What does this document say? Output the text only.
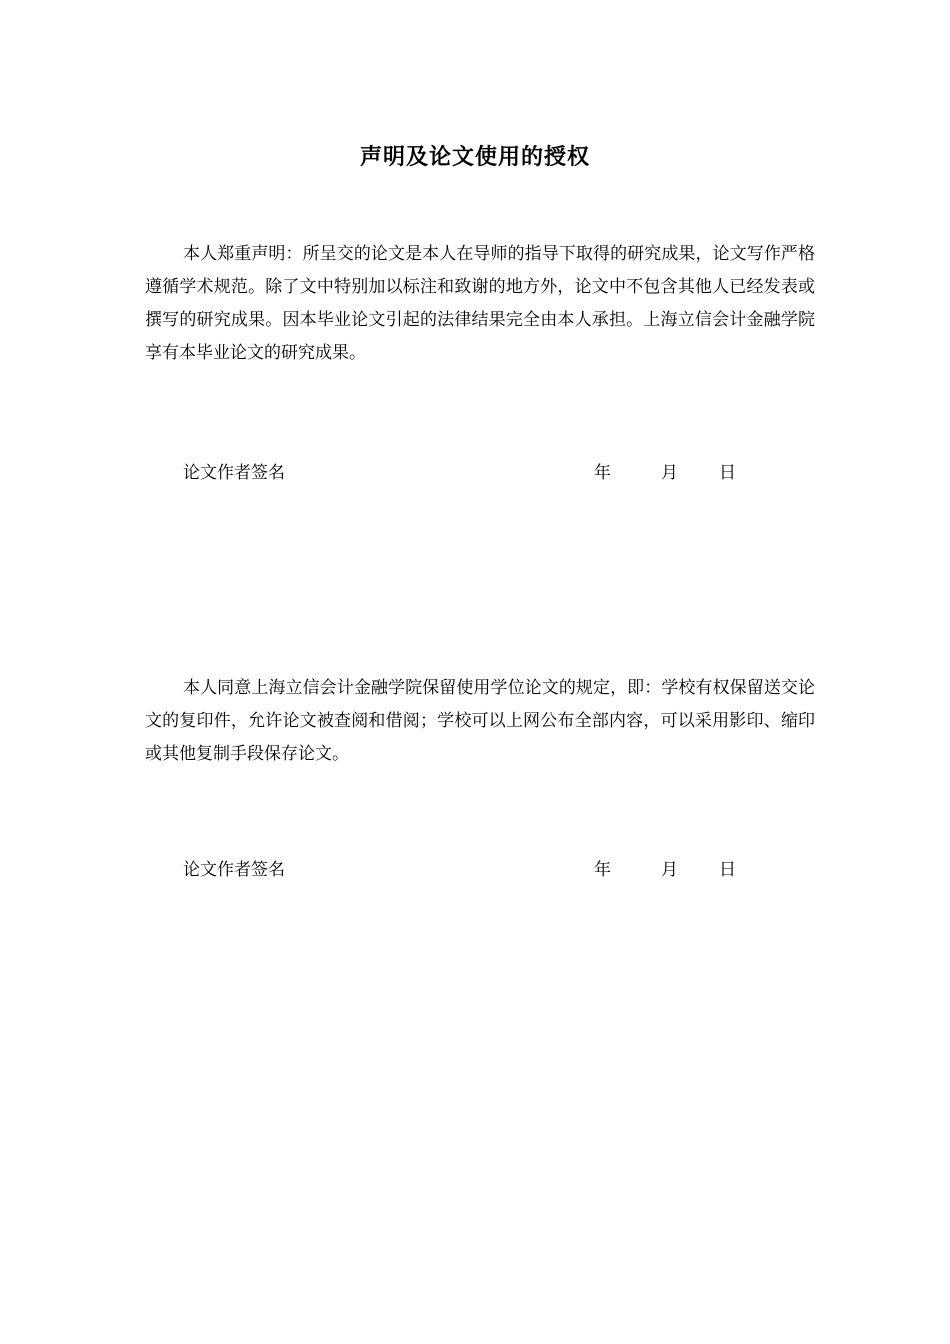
声明及论文使用的授权

本人郑重声明：所呈交的论文是本人在导师的指导下取得的研究成果，论文写作严格遵循学术规范。除了文中特别加以标注和致谢的地方外，论文中不包含其他人已经发表或撰写的研究成果。因本毕业论文引起的法律结果完全由本人承担。上海立信会计金融学院享有本毕业论文的研究成果。

论文作者签名	年	月 日

本人同意上海立信会计金融学院保留使用学位论文的规定，即：学校有权保留送交论文的复印件，允许论文被查阅和借阅；学校可以上网公布全部内容，可以采用影印、缩印或其他复制手段保存论文。

论文作者签名	年	月 日
